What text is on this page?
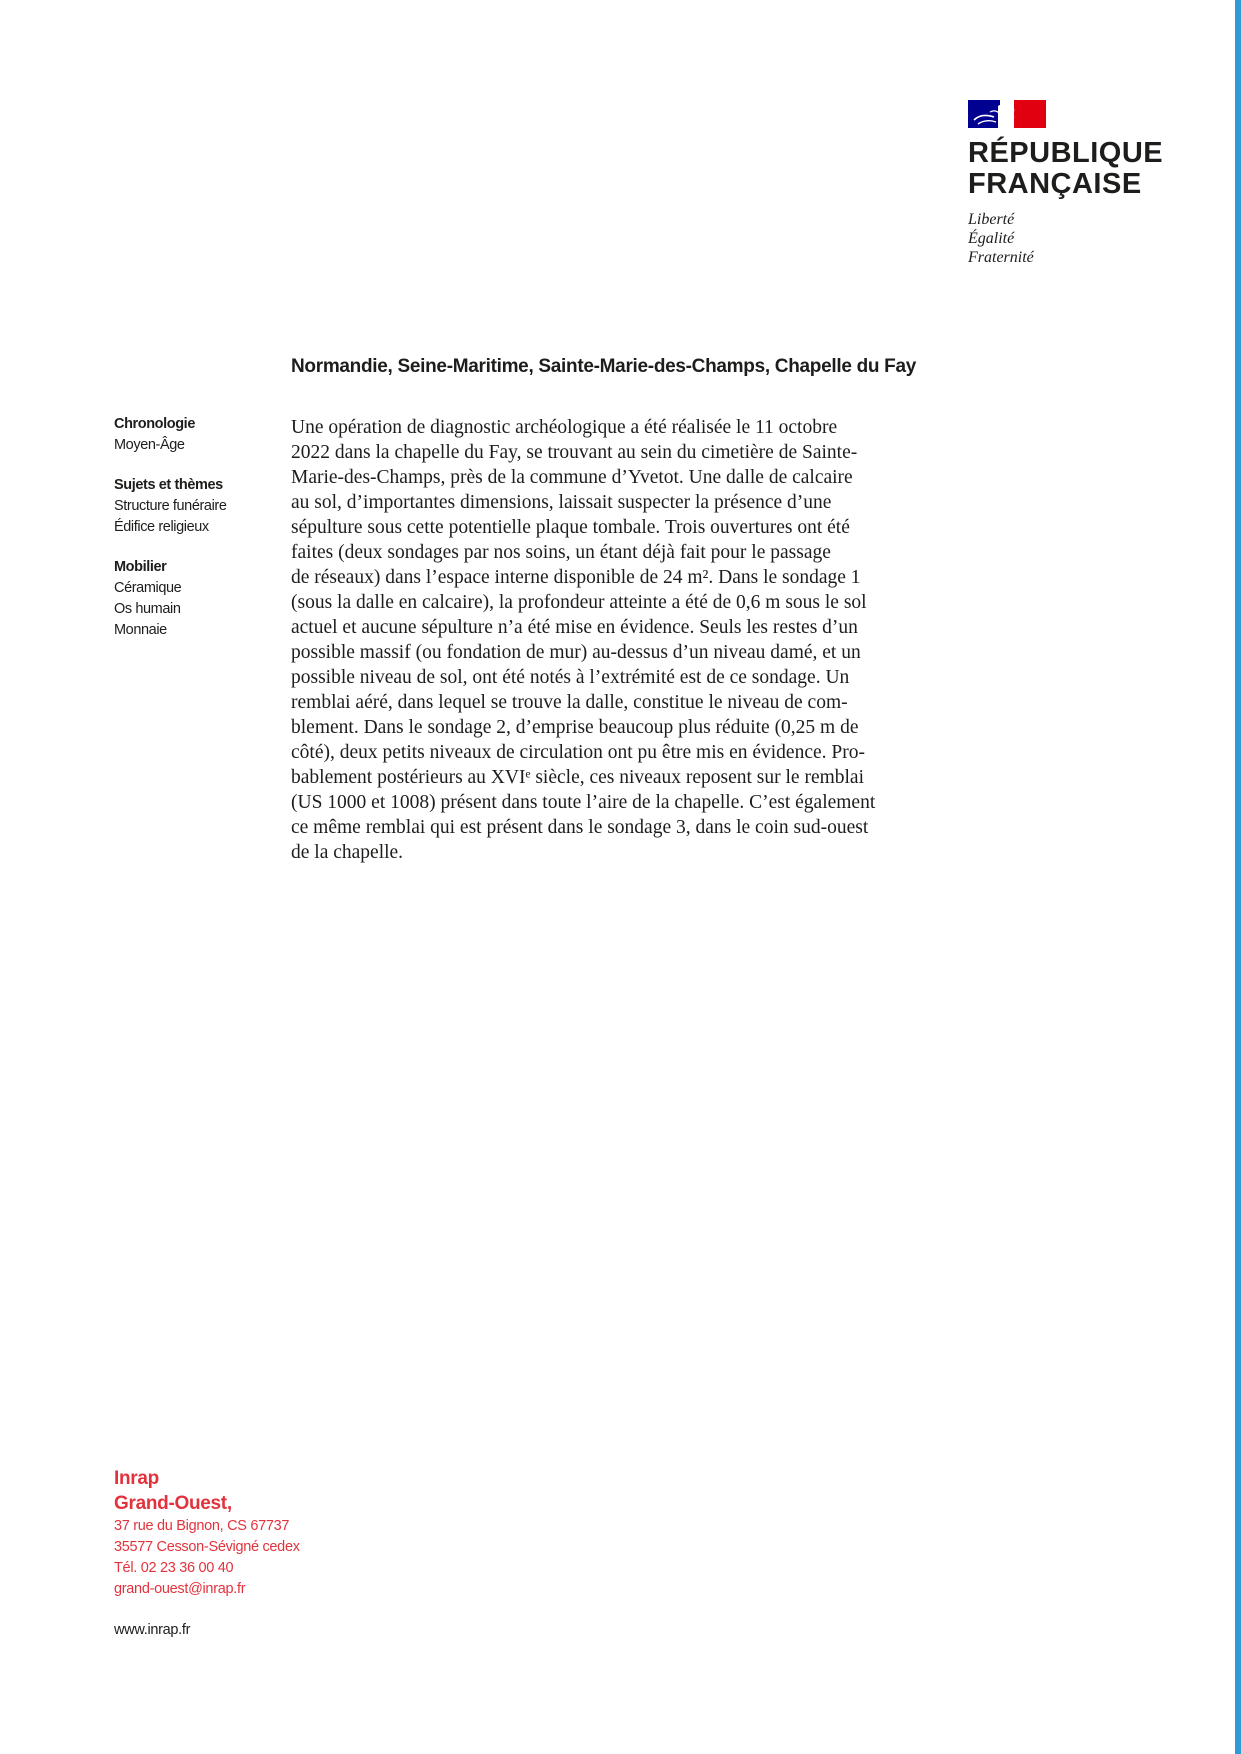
RÉPUBLIQUE
FRANÇAISE
Liberté
Égalité
Fraternité
Normandie, Seine-Maritime, Sainte-Marie-des-Champs, Chapelle du Fay
Chronologie
Moyen-Âge
Sujets et thèmes
Structure funéraire
Édifice religieux
Mobilier
Céramique
Os humain
Monnaie
Une opération de diagnostic archéologique a été réalisée le 11 octobre
2022 dans la chapelle du Fay, se trouvant au sein du cimetière de Sainte-
Marie-des-Champs, près de la commune d’Yvetot. Une dalle de calcaire
au sol, d’importantes dimensions, laissait suspecter la présence d’une
sépulture sous cette potentielle plaque tombale. Trois ouvertures ont été
faites (deux sondages par nos soins, un étant déjà fait pour le passage
de réseaux) dans l’espace interne disponible de 24 m². Dans le sondage 1
(sous la dalle en calcaire), la profondeur atteinte a été de 0,6 m sous le sol
actuel et aucune sépulture n’a été mise en évidence. Seuls les restes d’un
possible massif (ou fondation de mur) au-dessus d’un niveau damé, et un
possible niveau de sol, ont été notés à l’extrémité est de ce sondage. Un
remblai aéré, dans lequel se trouve la dalle, constitue le niveau de com-
blement. Dans le sondage 2, d’emprise beaucoup plus réduite (0,25 m de
côté), deux petits niveaux de circulation ont pu être mis en évidence. Pro-
bablement postérieurs au XVIᵉ siècle, ces niveaux reposent sur le remblai
(US 1000 et 1008) présent dans toute l’aire de la chapelle. C’est également
ce même remblai qui est présent dans le sondage 3, dans le coin sud-ouest
de la chapelle.
Inrap
Grand-Ouest,
37 rue du Bignon, CS 67737
35577 Cesson-Sévigné cedex
Tél. 02 23 36 00 40
grand-ouest@inrap.fr
www.inrap.fr
